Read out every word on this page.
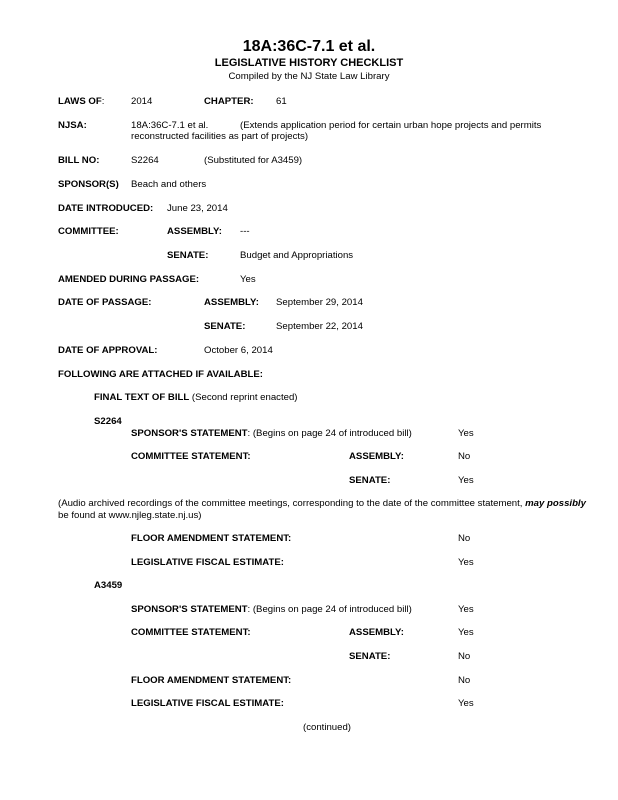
18A:36C-7.1 et al.
LEGISLATIVE HISTORY CHECKLIST
Compiled by the NJ State Law Library
LAWS OF:	2014	CHAPTER: 61
NJSA:	18A:36C-7.1 et al.	(Extends application period for certain urban hope projects and permits
reconstructed facilities as part of projects)
BILL NO:	S2264	(Substituted for A3459)
SPONSOR(S) Beach and others
DATE INTRODUCED: June 23, 2014
COMMITTEE:	ASSEMBLY: ---
SENATE:	Budget and Appropriations
AMENDED DURING PASSAGE:	Yes
DATE OF PASSAGE:	ASSEMBLY: September 29, 2014
SENATE:	September 22, 2014
DATE OF APPROVAL:	October 6, 2014
FOLLOWING ARE ATTACHED IF AVAILABLE:
FINAL TEXT OF BILL (Second reprint enacted)
S2264
SPONSOR'S STATEMENT: (Begins on page 24 of introduced bill)	Yes
COMMITTEE STATEMENT:	ASSEMBLY:	No
SENATE:	Yes
(Audio archived recordings of the committee meetings, corresponding to the date of the committee statement, may possibly
be found at www.njleg.state.nj.us)
FLOOR AMENDMENT STATEMENT:	No
LEGISLATIVE FISCAL ESTIMATE:	Yes
A3459
SPONSOR'S STATEMENT: (Begins on page 24 of introduced bill)	Yes
COMMITTEE STATEMENT:	ASSEMBLY:	Yes
SENATE:	No
FLOOR AMENDMENT STATEMENT:	No
LEGISLATIVE FISCAL ESTIMATE:	Yes
(continued)
